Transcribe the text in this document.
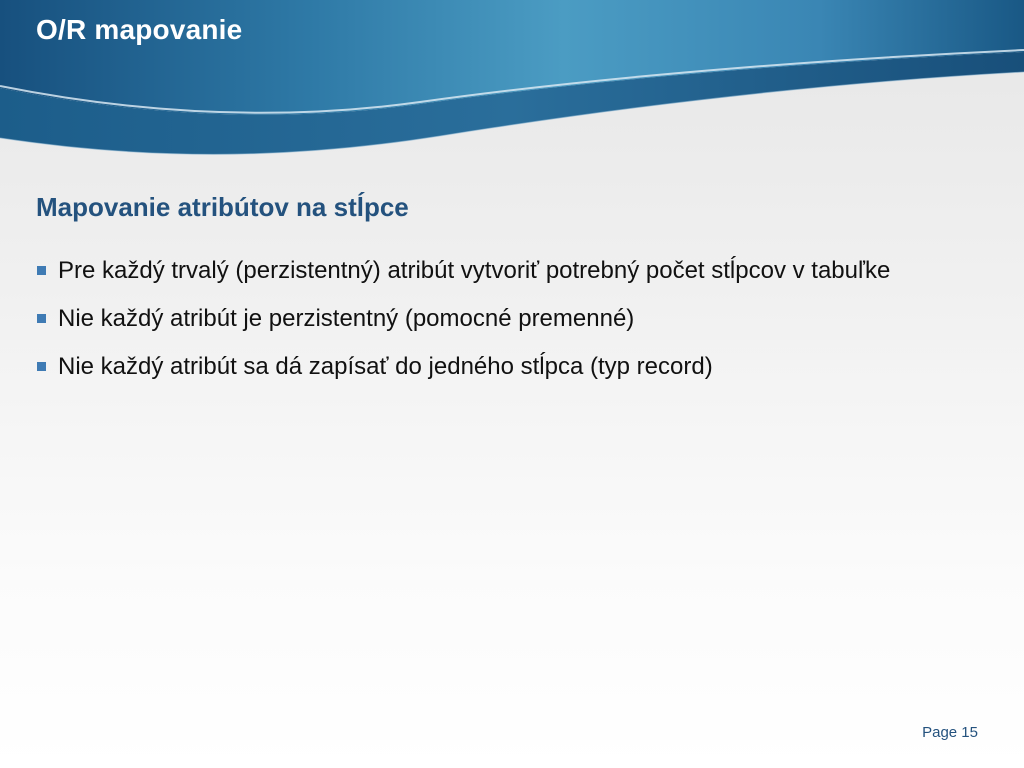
O/R mapovanie
Mapovanie atribútov na stĺpce
Pre každý trvalý (perzistentný) atribút vytvoriť potrebný počet stĺpcov v tabuľke
Nie každý atribút je perzistentný (pomocné premenné)
Nie každý atribút sa dá zapísať do jedného stĺpca (typ record)
Page 15
